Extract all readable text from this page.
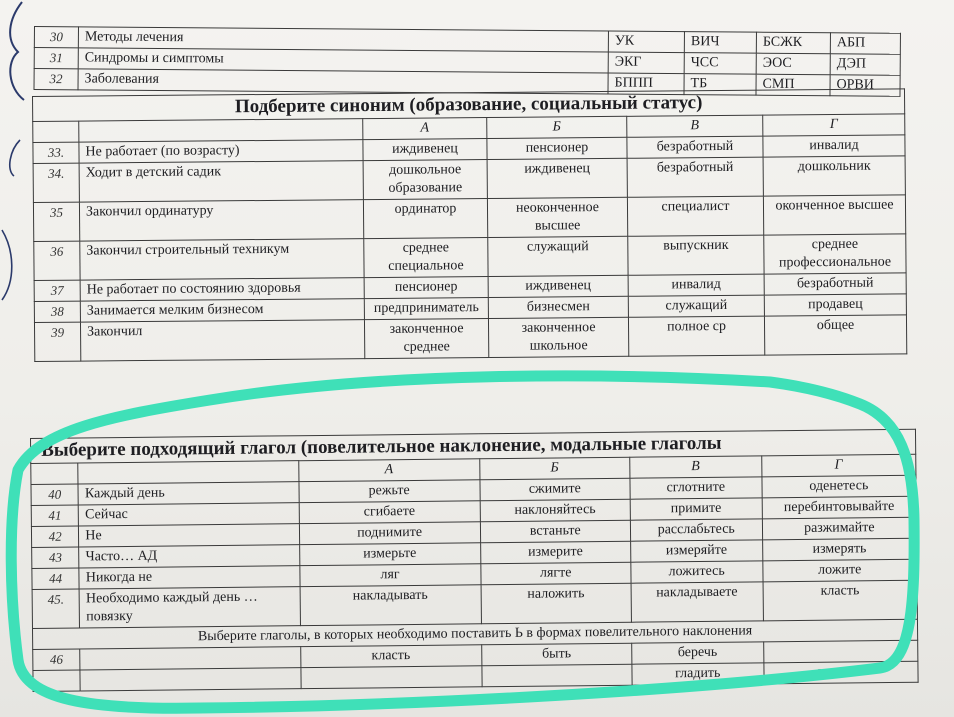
30	Методы лечения	УК	ВИЧ	БСЖК	АБП
31	Синдромы и симптомы	ЭКГ	ЧСС	ЭОС	ДЭП
32	Заболевания	БППП	ТБ	СМП	ОРВИ
Подберите синоним (образование, социальный статус)					
		А	Б	В	Г
33.	Не работает (по возрасту)	иждивенец	пенсионер	безработный	инвалид
34.	Ходит в детский садик	дошкольное образование	иждивенец	безработный	дошкольник
35	Закончил ординатуру	ординатор	неоконченное высшее	специалист	оконченное высшее
36	Закончил строительный техникум	среднее специальное	служащий	выпускник	среднее профессиональное
37	Не работает по состоянию здоровья	пенсионер	иждивенец	инвалид	безработный
38	Занимается мелким бизнесом	предприниматель	бизнесмен	служащий	продавец
39	Закончил	законченное среднее	законченное школьное	полное ср	общее
Выберите подходящий глагол (повелительное наклонение, модальные глаголы					
		А	Б	В	Г
40	Каждый день	режьте	сжимите	сглотните	оденетесь
41	Сейчас	сгибаете	наклоняйтесь	примите	перебинтовывайте
42	Не	поднимите	встаньте	расслабьтесь	разжимайте
43	Часто… АД	измерьте	измерите	измеряйте	измерять
44	Никогда не	ляг	лягте	ложитесь	ложите
45.	Необходимо каждый день … повязку	накладывать	наложить	накладываете	класть
Выберите глаголы, в которых необходимо поставить Ь в формах повелительного наклонения					
46		класть	быть	беречь	
				гладить	красить
